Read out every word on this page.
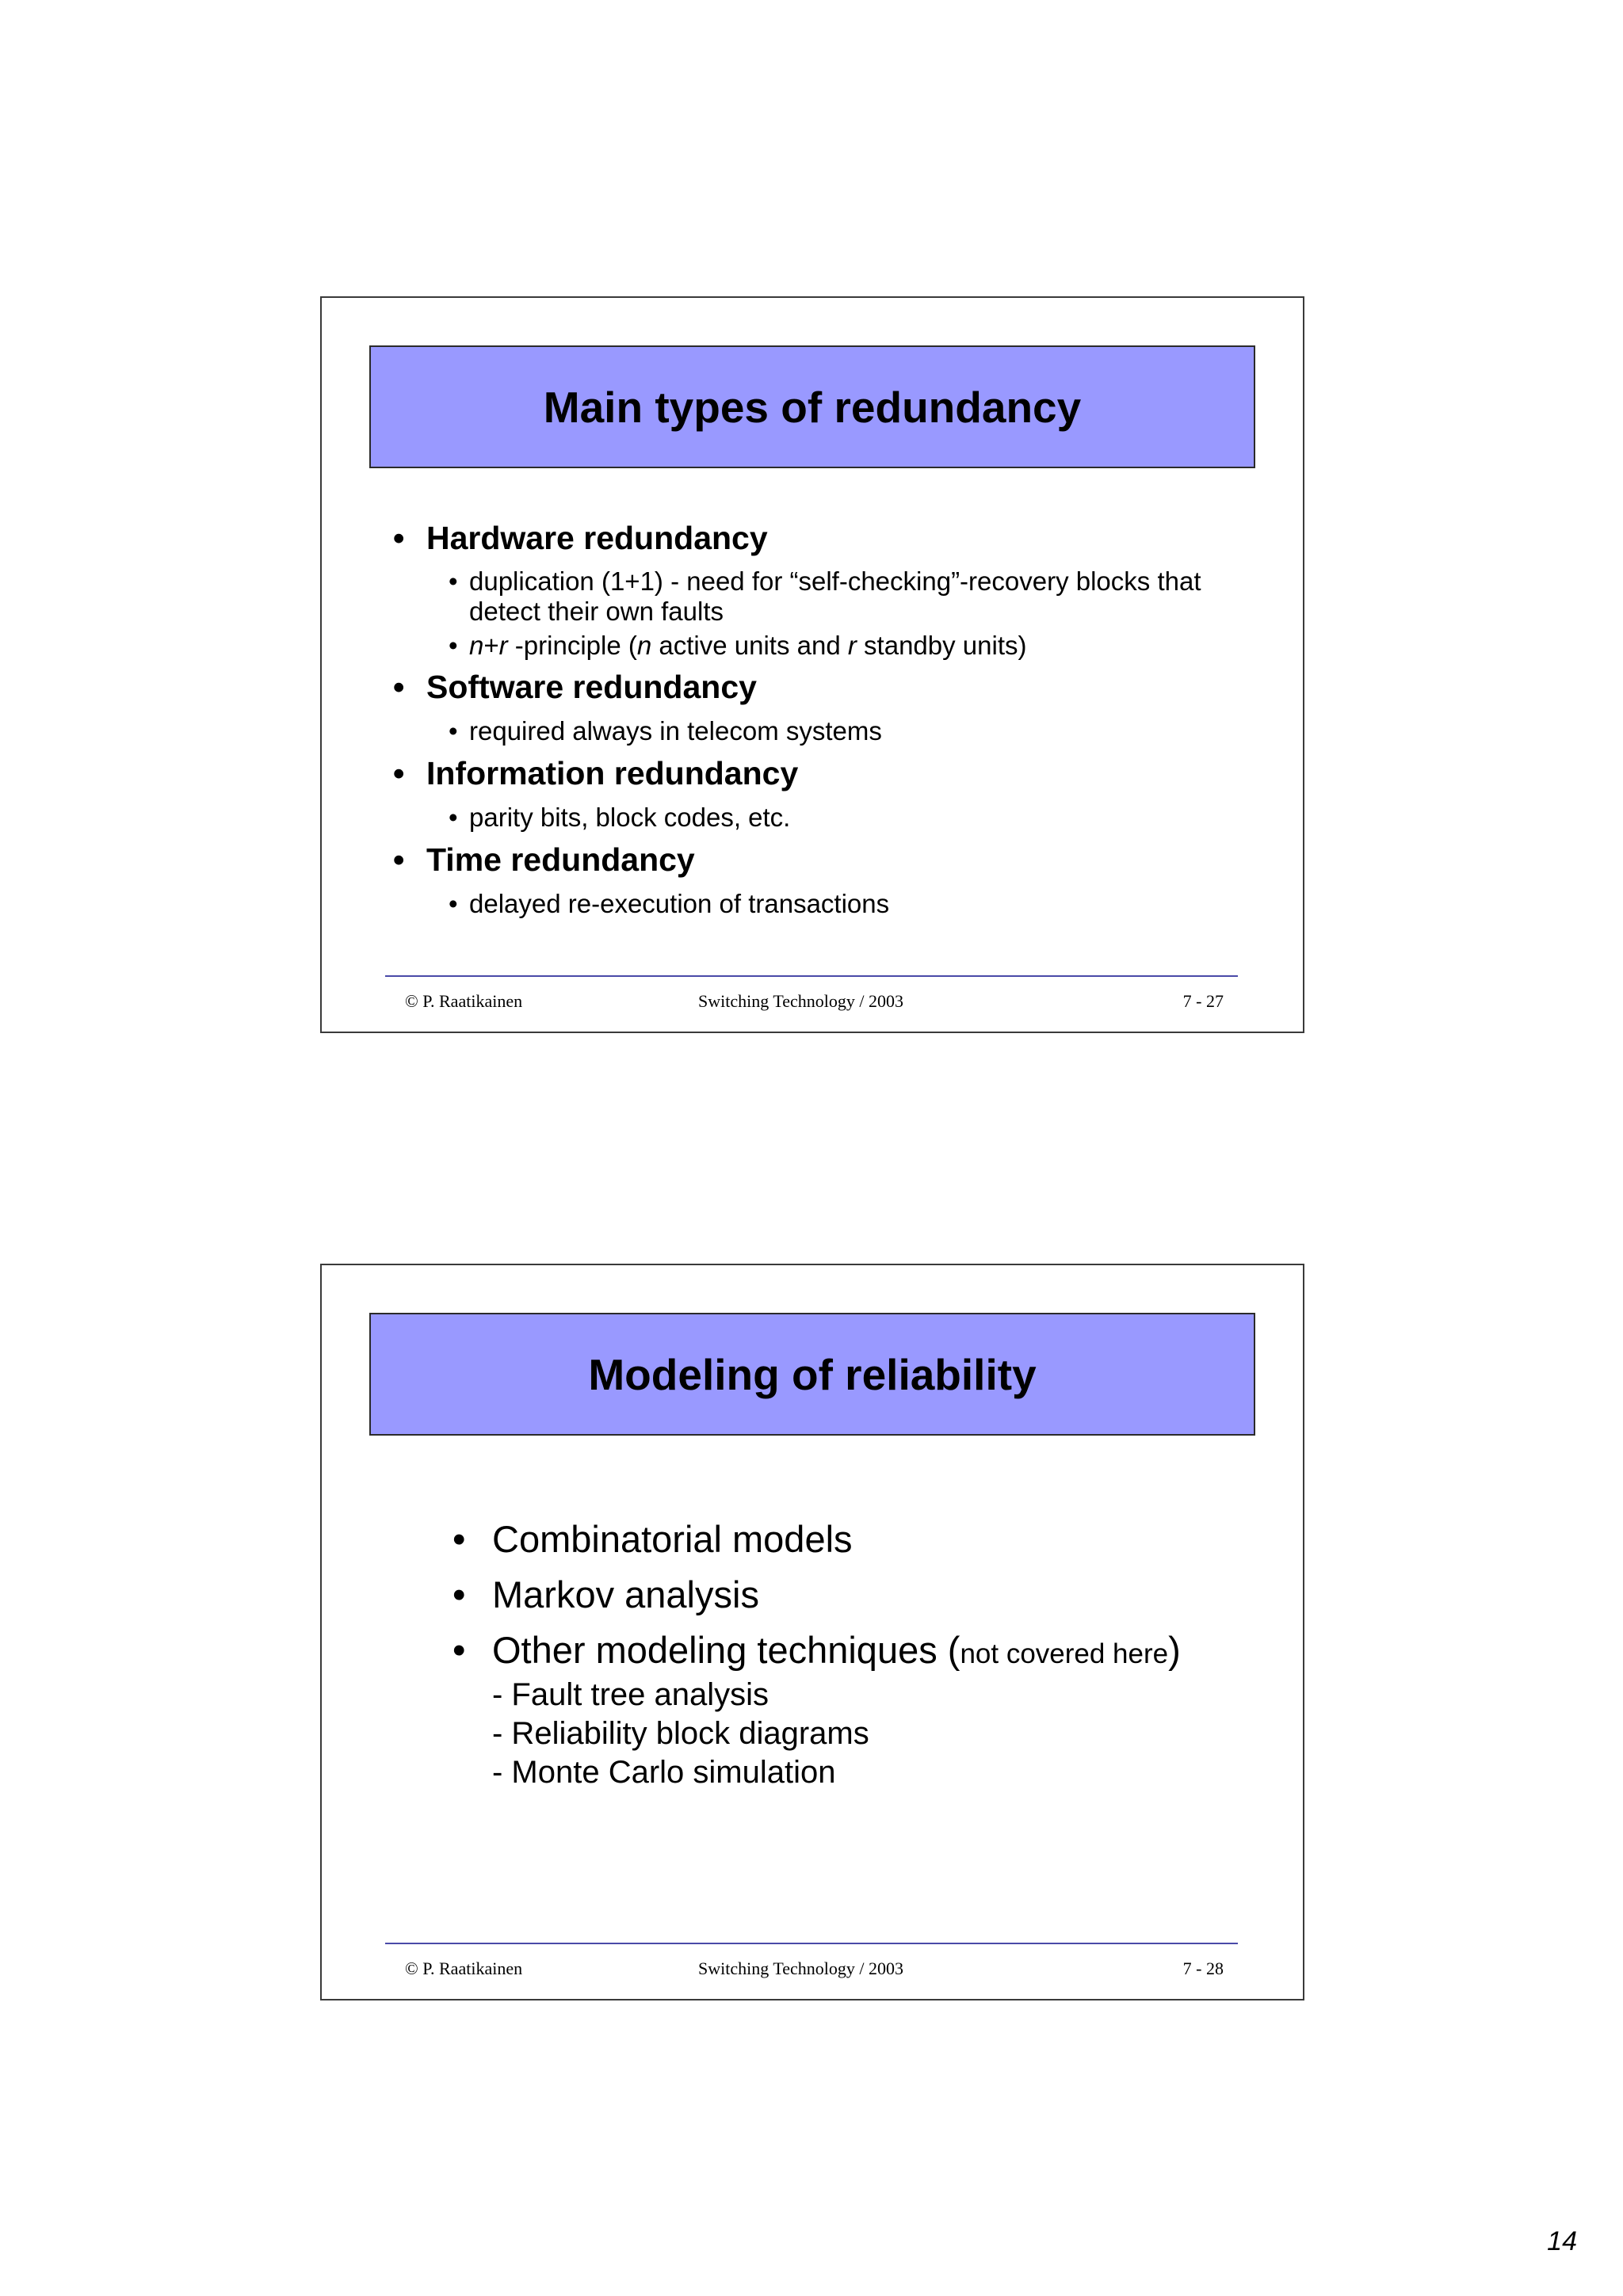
Main types of redundancy
• Hardware redundancy
• duplication (1+1) - need for “self-checking”-recovery blocks that
detect their own faults
• n+r -principle (n active units and r standby units)
• Software redundancy
• required always in telecom systems
• Information redundancy
• parity bits, block codes, etc.
• Time redundancy
• delayed re-execution of transactions
© P. Raatikainen	Switching Technology / 2003	7 - 27
Modeling of reliability
• Combinatorial models
• Markov analysis
• Other modeling techniques (not covered here)
- Fault tree analysis
- Reliability block diagrams
- Monte Carlo simulation
© P. Raatikainen	Switching Technology / 2003	7 - 28
14
